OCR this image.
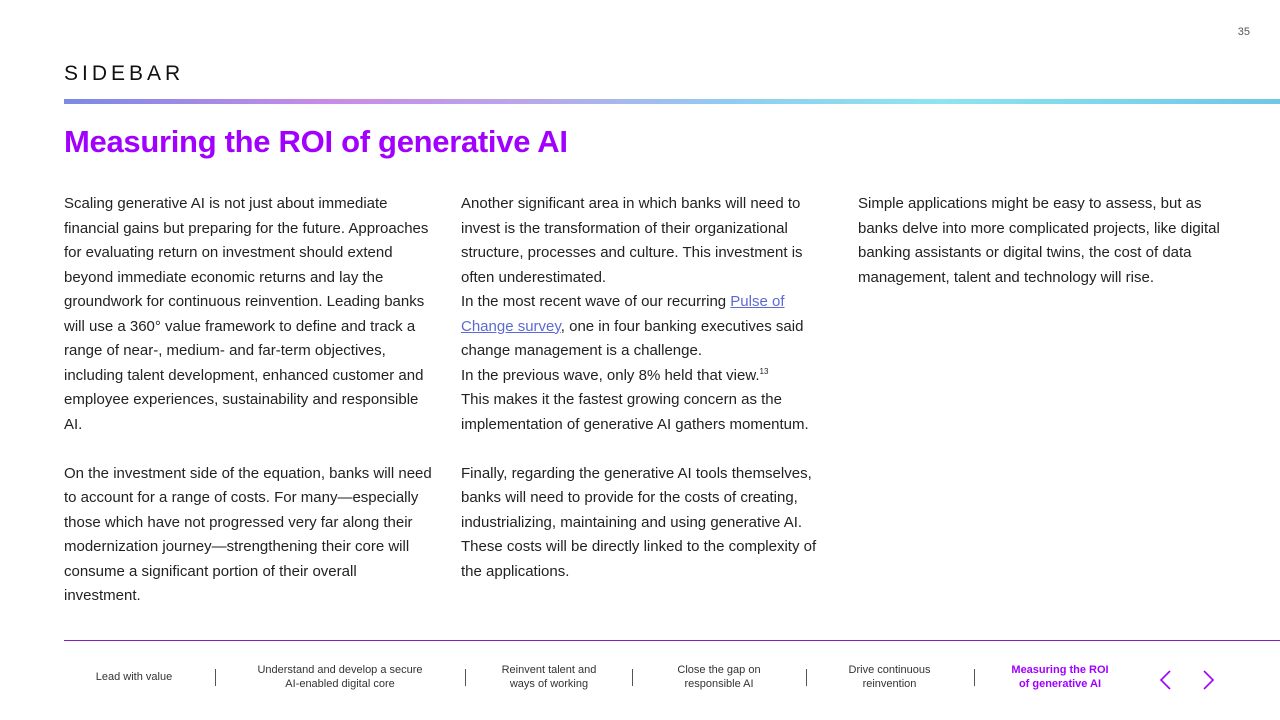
35
SIDEBAR
Measuring the ROI of generative AI

Scaling generative AI is not just about immediate financial gains but preparing for the future. Approaches for evaluating return on investment should extend beyond immediate economic returns and lay the groundwork for continuous reinvention. Leading banks will use a 360° value framework to define and track a range of near-, medium- and far-term objectives, including talent development, enhanced customer and employee experiences, sustainability and responsible AI.

On the investment side of the equation, banks will need to account for a range of costs. For many—especially those which have not progressed very far along their modernization journey—strengthening their core will consume a significant portion of their overall investment.

Another significant area in which banks will need to invest is the transformation of their organizational structure, processes and culture. This investment is often underestimated.

In the most recent wave of our recurring Pulse of Change survey, one in four banking executives said change management is a challenge.

In the previous wave, only 8% held that view.$^{13}$

This makes it the fastest growing concern as the implementation of generative AI gathers momentum.

Finally, regarding the generative AI tools themselves, banks will need to provide for the costs of creating, industrializing, maintaining and using generative AI. These costs will be directly linked to the complexity of the applications.

Simple applications might be easy to assess, but as banks delve into more complicated projects, like digital banking assistants or digital twins, the cost of data management, talent and technology will rise.

Lead with value
Understand and develop a secure
AI-enabled digital core
Reinvent talent and
ways of working
Close the gap on
responsible AI
Drive continuous
reinvention
Measuring the ROI
of generative AI
